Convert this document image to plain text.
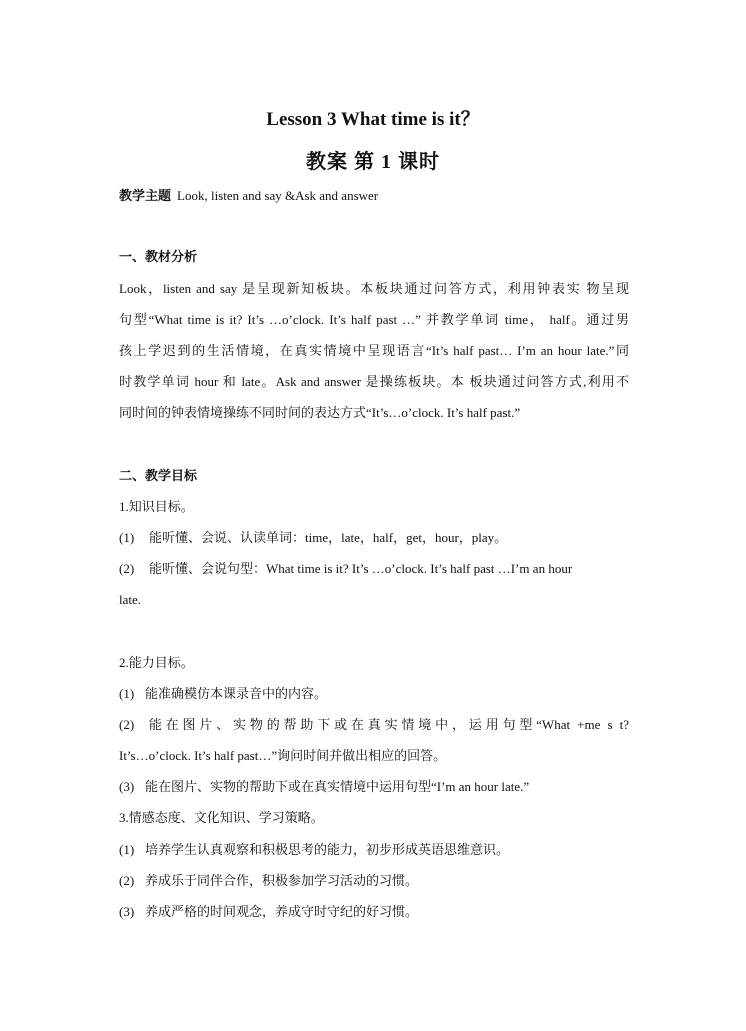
Lesson 3 What time is it？
教案 第 1 课时

教学主题 Look, listen and say &Ask and answer

一、教材分析

Look，listen and say 是呈现新知板块。本板块通过问答方式，利用钟表实 物呈现

句型“What time is it? It’s …o’clock. It’s half past …” 并教学单词 time， half。通过男

孩上学迟到的生活情境，在真实情境中呈现语言“It’s half past… I’m an hour late.”同

时教学单词 hour 和 late。Ask and answer 是操练板块。本 板块通过问答方式,利用不

同时间的钟表情境操练不同时间的表达方式“It’s…o’clock. It’s half past.”

二、教学目标

1.知识目标。

(1) 能听懂、会说、认读单词：time，late，half，get，hour，play。

(2) 能听懂、会说句型：What time is it? It’s …o’clock. It’s half past …I’m an hour

late.

2.能力目标。

(1) 能准确模仿本课录音中的内容。

(2) 能在图片、实物的帮助下或在真实情境中，运用句型“What +me s t?

It’s…o’clock. It’s half past…”询问时间并做出相应的回答。

(3) 能在图片、实物的帮助下或在真实情境中运用句型“I’m an hour late.”

3.情感态度、文化知识、学习策略。

(1) 培养学生认真观察和积极思考的能力，初步形成英语思维意识。

(2) 养成乐于同伴合作，积极参加学习活动的习惯。

(3) 养成严格的时间观念，养成守时守纪的好习惯。
